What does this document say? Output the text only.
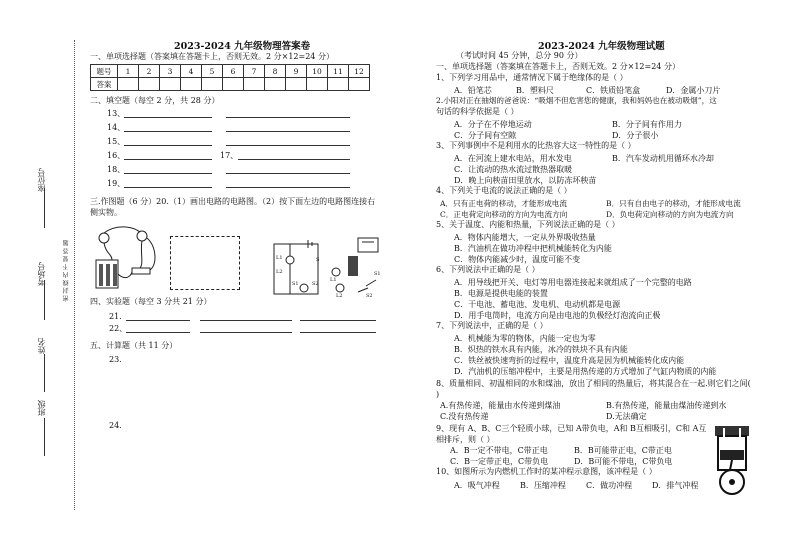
座位号
考场号	密 封 线 内 不 要 答 题
姓名
班级
2023-2024 九年级物理答案卷
一、单项选择题（答案填在答题卡上，否则无效。2 分×12=24 分）
题号	1	2	3	4	5	6	7	8	9	10	11	12
答案												
二、填空题（每空 2 分，共 28 分）
13、
14、
15、
16、	17、
18、
19、
三.作图题（6 分）20.（1）画出电路的电路图。（2）按下面左边的电路图连接右侧实物。
L1
L2
S
S1	S2
L1
L2
S1
S2
四、实验题（每空 3 分共 21 分）
21.
22、
五、计算题（共 11 分）
23.
24.
2023-2024 九年级物理试题
（考试时间 45 分钟，总分 90 分）
一、单项选择题（答案填在答题卡上，否则无效。2 分×12=24 分）
1、下列学习用品中，通常情况下属于绝缘体的是（ ）
A．铅笔芯	B．塑料尺	C．铁质铅笔盒	D．金属小刀片
2.小阳对正在抽烟的爸爸说：“吸烟不但危害您的健康，我和妈妈也在被动吸烟”，这
句话的科学依据是（ ）
A．分子在不停地运动	B．分子间有作用力
C．分子间有空隙	D．分子很小
3、下列事例中不是利用水的比热容大这一特性的是（ ）
A．在河流上建水电站，用水发电	B．汽车发动机用循环水冷却
C．让流动的热水流过散热器取暖
D．晚上向秧苗田里放水，以防冻坏秧苗
4、下列关于电流的说法正确的是（ ）
A．只有正电荷的移动，才能形成电流	B．只有自由电子的移动，才能形成电流
C．正电荷定向移动的方向为电流方向	D．负电荷定向移动的方向为电流方向
5、关于温度、内能和热量，下列说法正确的是（ ）
A．物体内能增大，一定从外界吸收热量
B．汽油机在做功冲程中把机械能转化为内能
C．物体内能减少时，温度可能不变
6、下列说法中正确的是（ ）
A．用导线把开关、电灯等用电器连接起来就组成了一个完整的电路
B．电源是提供电能的装置
C．干电池、蓄电池、发电机、电动机都是电源
D．用手电筒时，电流方向是由电池的负极经灯泡流向正极
7、下列说法中，正确的是（ ）
A．机械能为零的物体，内能一定也为零
B．炽热的铁水具有内能，冰冷的铁块不具有内能
C．铁丝被快速弯折的过程中，温度升高是因为机械能转化成内能
D．汽油机的压缩冲程中，主要是用热传递的方式增加了气缸内物质的内能
8、质量相同、初温相同的水和煤油，放出了相同的热量后，将其混合在一起.则它们之间( )
A.有热传递，能量由水传递到煤油	B.有热传递，能量由煤油传递到水
C.没有热传递	D.无法确定
9、现有 A、B、C三个轻质小球，已知 A带负电，A和 B互相吸引，C和 A互相排斥，则（ ）
A．B一定不带电，C带正电	B．B可能带正电，C带正电
C．B一定带正电，C带负电	D．B可能不带电，C带负电
10、如图所示为内燃机工作时的某冲程示意图，该冲程是（ ）
A．吸气冲程	B．压缩冲程	C．做功冲程 D．排气冲程
